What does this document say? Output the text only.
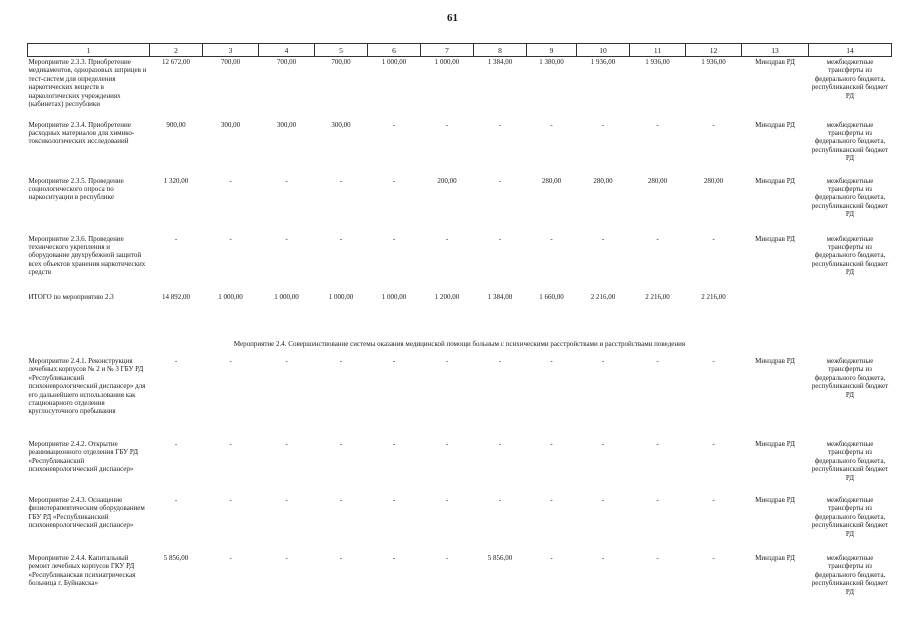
61
1	2	3	4	5	6	7	8	9	10	11	12	13	14
Мероприятие 2.3.3. Приобретение медикаментов, одноразовых шприцев и тест-систем для определения наркотических веществ в наркологических учреждениях (кабинетах) республики	12 672,00	700,00	700,00	700,00	1 000,00	1 000,00	1 384,00	1 380,00	1 936,00	1 936,00	1 936,00	Минздрав РД	межбюджетные трансферты из федерального бюджета, республиканский бюджет РД
Мероприятие 2.3.4. Приобретение расходных материалов для химико-токсикологических исследований	900,00	300,00	300,00	300,00	-	-	-	-	-	-	-	Минздрав РД	межбюджетные трансферты из федерального бюджета, республиканский бюджет РД
Мероприятие 2.3.5. Проведение социологического опроса по наркоситуации в республике	1 320,00	-	-	-	-	200,00	-	280,00	280,00	280,00	280,00	Минздрав РД	межбюджетные трансферты из федерального бюджета, республиканский бюджет РД
Мероприятие 2.3.6. Проведение технического укрепления и оборудование двухрубежной защитой всех объектов хранения наркотических средств	-	-	-	-	-	-	-	-	-	-	-	Минздрав РД	межбюджетные трансферты из федерального бюджета, республиканский бюджет РД
ИТОГО по мероприятию 2.3	14 892,00	1 000,00	1 000,00	1 000,00	1 000,00	1 200,00	1 384,00	1 660,00	2 216,00	2 216,00	2 216,00		
Мероприятие 2.4. Совершенствование системы оказания медицинской помощи больным с психическими расстройствами и расстройствами поведения													
Мероприятие 2.4.1. Реконструкция лечебных корпусов № 2 и № 3 ГБУ РД «Республиканский психоневрологический диспансер» для его дальнейшего использования как стационарного отделения круглосуточного пребывания	-	-	-	-	-	-	-	-	-	-	-	Минздрав РД	межбюджетные трансферты из федерального бюджета, республиканский бюджет РД
Мероприятие 2.4.2. Открытие реанимационного отделения ГБУ РД «Республиканский психоневрологический диспансер»	-	-	-	-	-	-	-	-	-	-	-	Минздрав РД	межбюджетные трансферты из федерального бюджета, республиканский бюджет РД
Мероприятие 2.4.3. Оснащение физиотерапевтическим оборудованием ГБУ РД «Республиканский психоневрологический диспансер»	-	-	-	-	-	-	-	-	-	-	-	Минздрав РД	межбюджетные трансферты из федерального бюджета, республиканский бюджет РД
Мероприятие 2.4.4. Капитальный ремонт лечебных корпусов ГКУ РД «Республиканская психиатрическая больница г. Буйнакска»	5 856,00	-	-	-	-	-	5 856,00	-	-	-	-	Минздрав РД	межбюджетные трансферты из федерального бюджета, республиканский бюджет РД
